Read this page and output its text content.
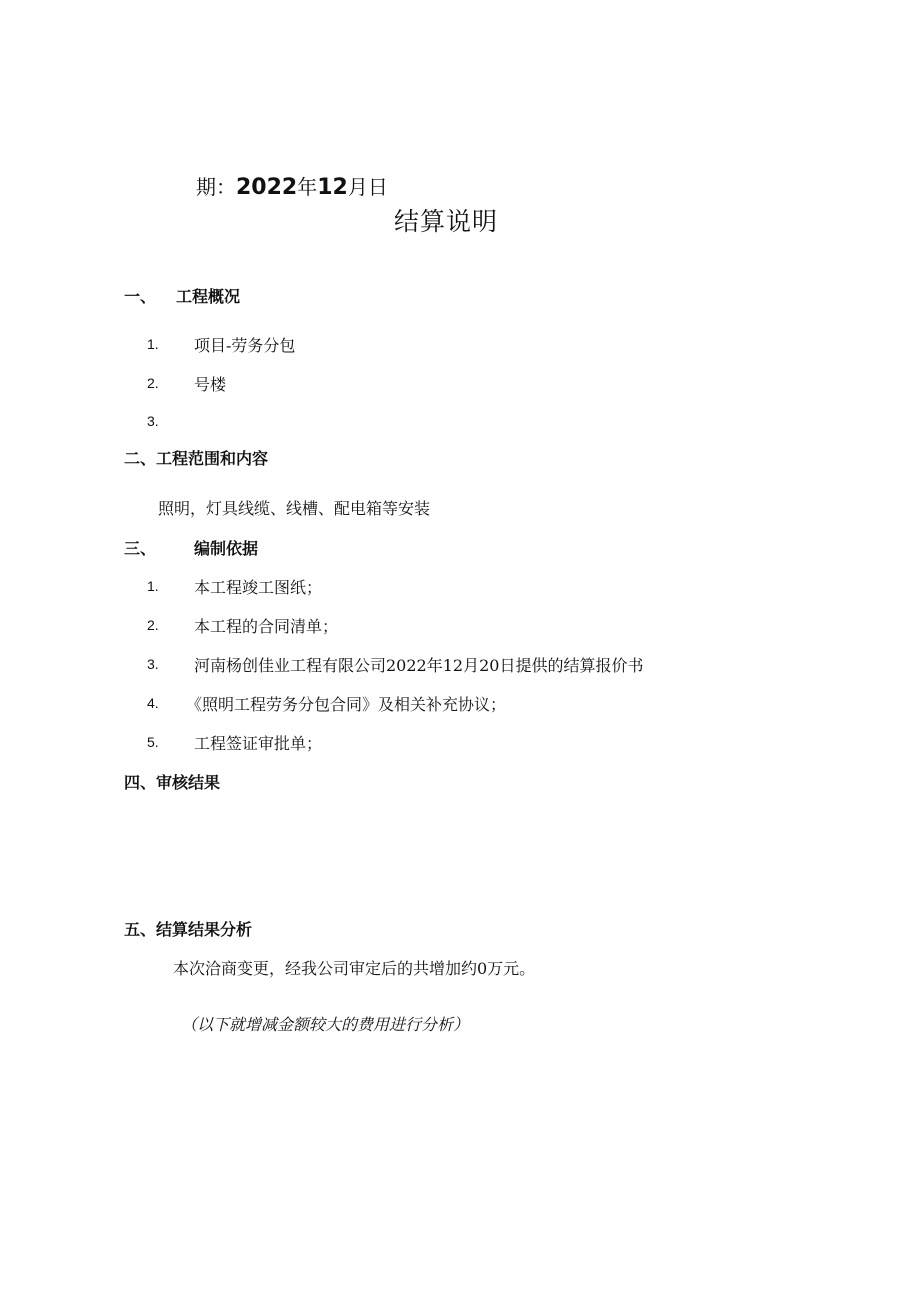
期：2022年12月日
结算说明
一、 工程概况
1. 项目-劳务分包
2. 号楼
3.
二、工程范围和内容
照明，灯具线缆、线槽、配电箱等安装
三、 编制依据
1. 本工程竣工图纸；
2. 本工程的合同清单；
3. 河南杨创佳业工程有限公司2022年12月20日提供的结算报价书
4. 《照明工程劳务分包合同》及相关补充协议；
5. 工程签证审批单；
四、审核结果
五、结算结果分析
本次洽商变更，经我公司审定后的共增加约0万元。
（以下就增减金额较大的费用进行分析）
